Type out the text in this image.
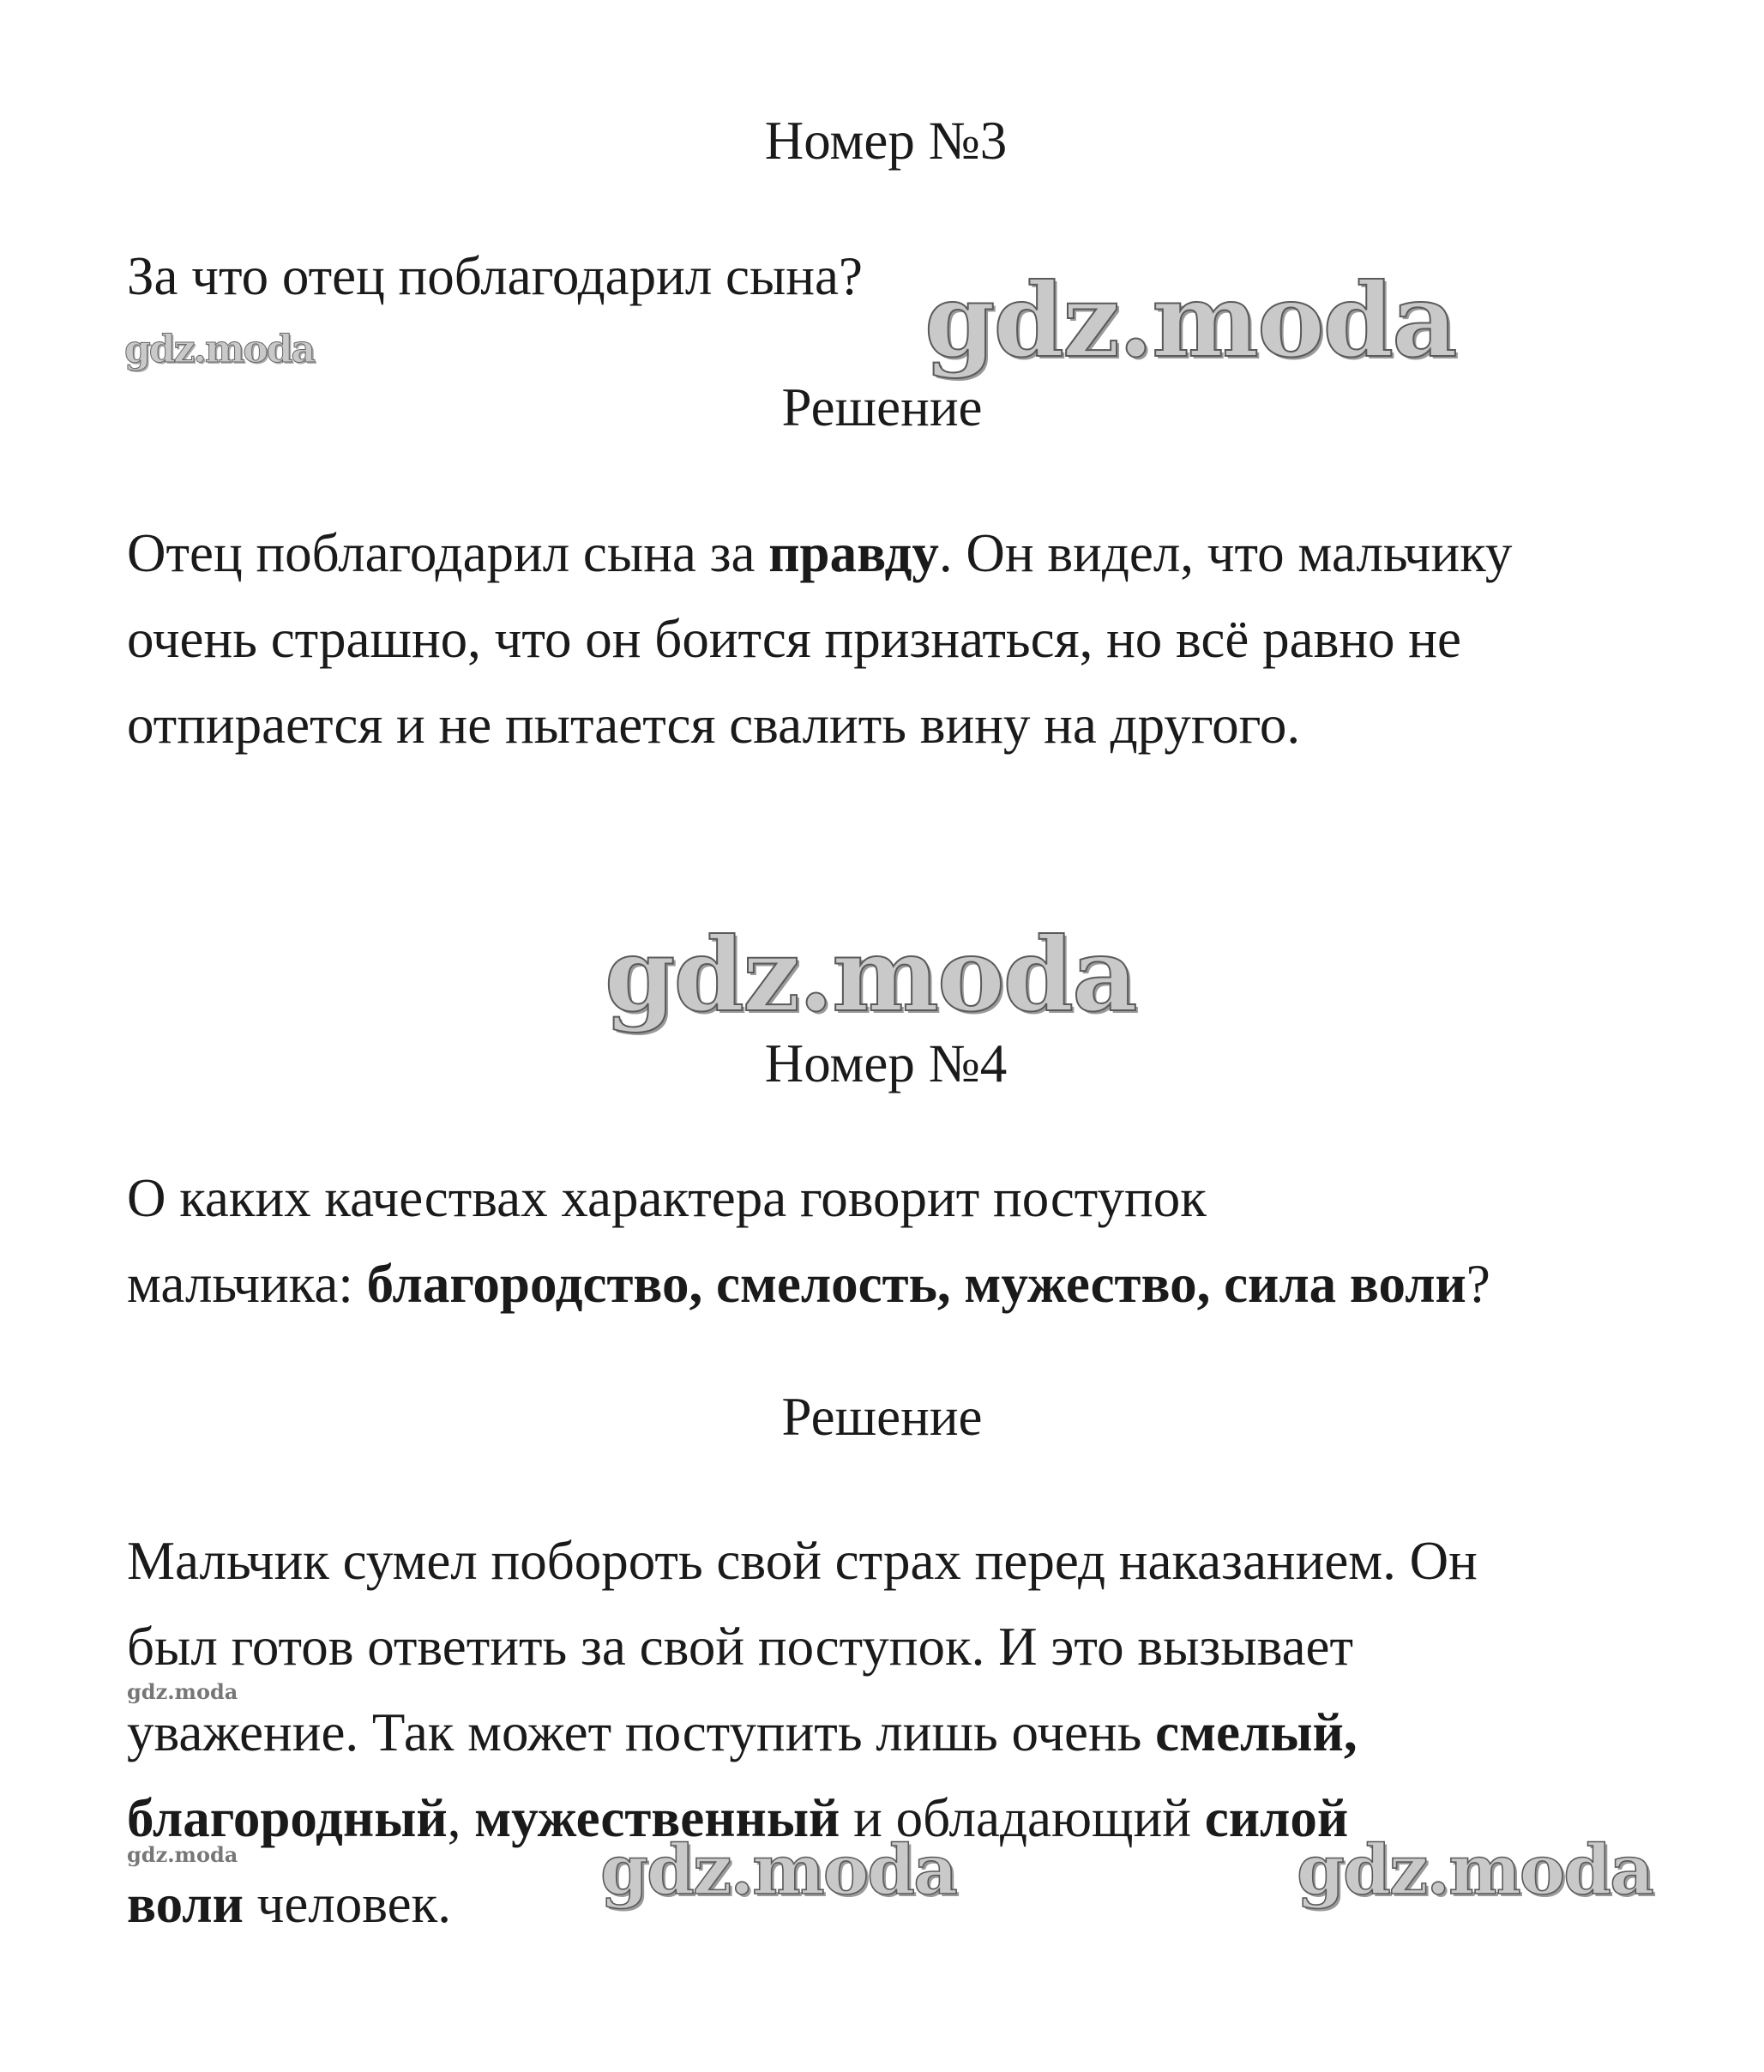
Номер №3
За что отец поблагодарил сына?
Решение
Отец поблагодарил сына за правду. Он видел, что мальчику
очень страшно, что он боится признаться, но всё равно не
отпирается и не пытается свалить вину на другого.
Номер №4
О каких качествах характера говорит поступок
мальчика: благородство, смелость, мужество, сила воли?
Решение
Мальчик сумел побороть свой страх перед наказанием. Он
был готов ответить за свой поступок. И это вызывает
уважение. Так может поступить лишь очень смелый,
благородный, мужественный и обладающий силой
воли человек.
gdz.moda
gdz.moda
gdz.moda
gdz.moda
gdz.moda	gdz.moda	gdz.moda
